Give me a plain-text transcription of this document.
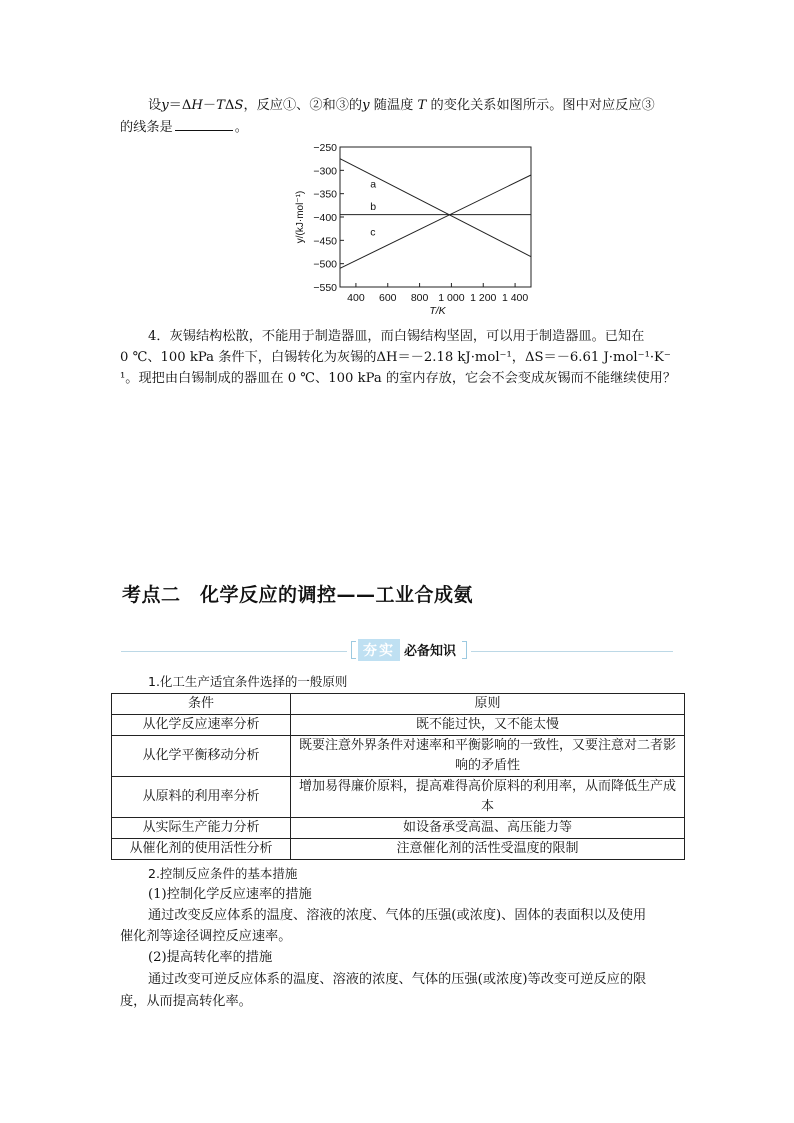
设y＝ΔH－TΔS，反应①、②和③的y 随温度 T 的变化关系如图所示。图中对应反应③
的线条是	。
−250
−300
−350
−400
−450
−500
−550
400 600 800 1 000 1 200 1 400
a
b
c
T/K
y/(kJ·mol⁻¹)
4．灰锡结构松散，不能用于制造器皿，而白锡结构坚固，可以用于制造器皿。已知在
0 ℃、100 kPa 条件下，白锡转化为灰锡的ΔH＝－2.18 kJ·mol⁻¹，ΔS＝－6.61 J·mol⁻¹·K⁻
¹。现把由白锡制成的器皿在 0 ℃、100 kPa 的室内存放，它会不会变成灰锡而不能继续使用？
考点二　化学反应的调控——工业合成氨
夯实 必备知识
1.化工生产适宜条件选择的一般原则
条件	原则
从化学反应速率分析	既不能过快，又不能太慢
从化学平衡移动分析	既要注意外界条件对速率和平衡影响的一致性，又要注意对二者影响的矛盾性
从原料的利用率分析	增加易得廉价原料，提高难得高价原料的利用率，从而降低生产成本
从实际生产能力分析	如设备承受高温、高压能力等
从催化剂的使用活性分析	注意催化剂的活性受温度的限制
2.控制反应条件的基本措施
(1)控制化学反应速率的措施
通过改变反应体系的温度、溶液的浓度、气体的压强(或浓度)、固体的表面积以及使用
催化剂等途径调控反应速率。
(2)提高转化率的措施
通过改变可逆反应体系的温度、溶液的浓度、气体的压强(或浓度)等改变可逆反应的限
度，从而提高转化率。
